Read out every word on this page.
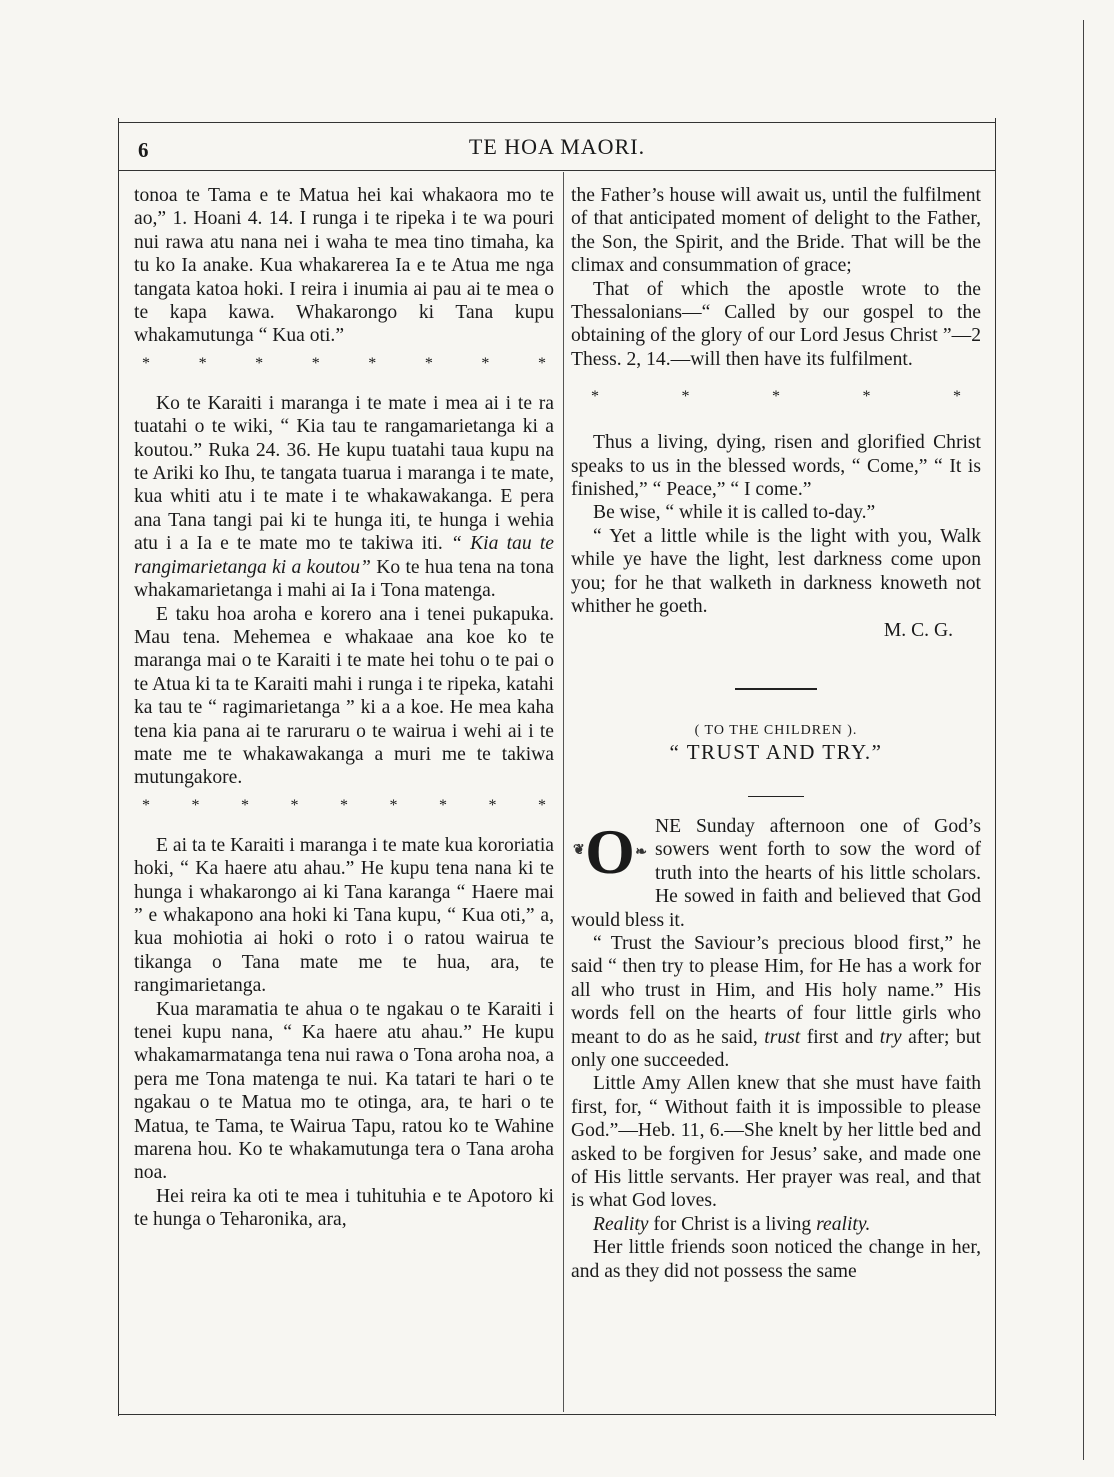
6	TE HOA MAORI.

tonoa te Tama e te Matua hei kai whakaora mo te ao,” 1. Hoani 4. 14. I runga i te ripeka i te wa pouri nui rawa atu nana nei i waha te mea tino timaha, ka tu ko Ia anake. Kua whakarerea Ia e te Atua me nga tangata katoa hoki. I reira i inumia ai pau ai te mea o te kapa kawa. Whakarongo ki Tana kupu whakamutunga “ Kua oti.”

*	*	*	*	*	*	*	*

Ko te Karaiti i maranga i te mate i mea ai i te ra tuatahi o te wiki, “ Kia tau te rangamarietanga ki a koutou.” Ruka 24. 36. He kupu tuatahi taua kupu na te Ariki ko Ihu, te tangata tuarua i maranga i te mate, kua whiti atu i te mate i te whakawakanga. E pera ana Tana tangi pai ki te hunga iti, te hunga i wehia atu i a Ia e te mate mo te takiwa iti. “ Kia tau te rangimarietanga ki a koutou” Ko te hua tena na tona whakamarietanga i mahi ai Ia i Tona matenga.

E taku hoa aroha e korero ana i tenei pukapuka. Mau tena. Mehemea e whakaae ana koe ko te maranga mai o te Karaiti i te mate hei tohu o te pai o te Atua ki ta te Karaiti mahi i runga i te ripeka, katahi ka tau te “ ragimarietanga ” ki a a koe. He mea kaha tena kia pana ai te raruraru o te wairua i wehi ai i te mate me te whakawakanga a muri me te takiwa mutungakore.

*	*	*	*	*	*	*	*	*

E ai ta te Karaiti i maranga i te mate kua kororiatia hoki, “ Ka haere atu ahau.” He kupu tena nana ki te hunga i whakarongo ai ki Tana karanga “ Haere mai ” e whakapono ana hoki ki Tana kupu, “ Kua oti,” a, kua mohiotia ai hoki o roto i o ratou wairua te tikanga o Tana mate me te hua, ara, te rangimarietanga.

Kua maramatia te ahua o te ngakau o te Karaiti i tenei kupu nana, “ Ka haere atu ahau.” He kupu whakamarmatanga tena nui rawa o Tona aroha noa, a pera me Tona matenga te nui. Ka tatari te hari o te ngakau o te Matua mo te otinga, ara, te hari o te Matua, te Tama, te Wairua Tapu, ratou ko te Wahine marena hou. Ko te whakamutunga tera o Tana aroha noa.

Hei reira ka oti te mea i tuhituhia e te Apotoro ki te hunga o Teharonika, ara,

the Father’s house will await us, until the fulfilment of that anticipated moment of delight to the Father, the Son, the Spirit, and the Bride. That will be the climax and consummation of grace;

That of which the apostle wrote to the Thessalonians—“ Called by our gospel to the obtaining of the glory of our Lord Jesus Christ ”—2 Thess. 2, 14.—will then have its fulfilment.

*	*	*	*	*

Thus a living, dying, risen and glorified Christ speaks to us in the blessed words, “ Come,” “ It is finished,” “ Peace,” “ I come.”

Be wise, “ while it is called to-day.”

“ Yet a little while is the light with you, Walk while ye have the light, lest darkness come upon you; for he that walketh in darkness knoweth not whither he goeth.

M. C. G.

( TO THE CHILDREN ).
“ TRUST AND TRY.”

❦ O ❧
NE Sunday afternoon one of God’s sowers went forth to sow the word of truth into the hearts of his little scholars. He sowed in faith and believed that God would bless it.

“ Trust the Saviour’s precious blood first,” he said “ then try to please Him, for He has a work for all who trust in Him, and His holy name.” His words fell on the hearts of four little girls who meant to do as he said, trust first and try after; but only one succeeded.

Little Amy Allen knew that she must have faith first, for, “ Without faith it is impossible to please God.”—Heb. 11, 6.—She knelt by her little bed and asked to be forgiven for Jesus’ sake, and made one of His little servants. Her prayer was real, and that is what God loves.

Reality for Christ is a living reality.

Her little friends soon noticed the change in her, and as they did not possess the same
